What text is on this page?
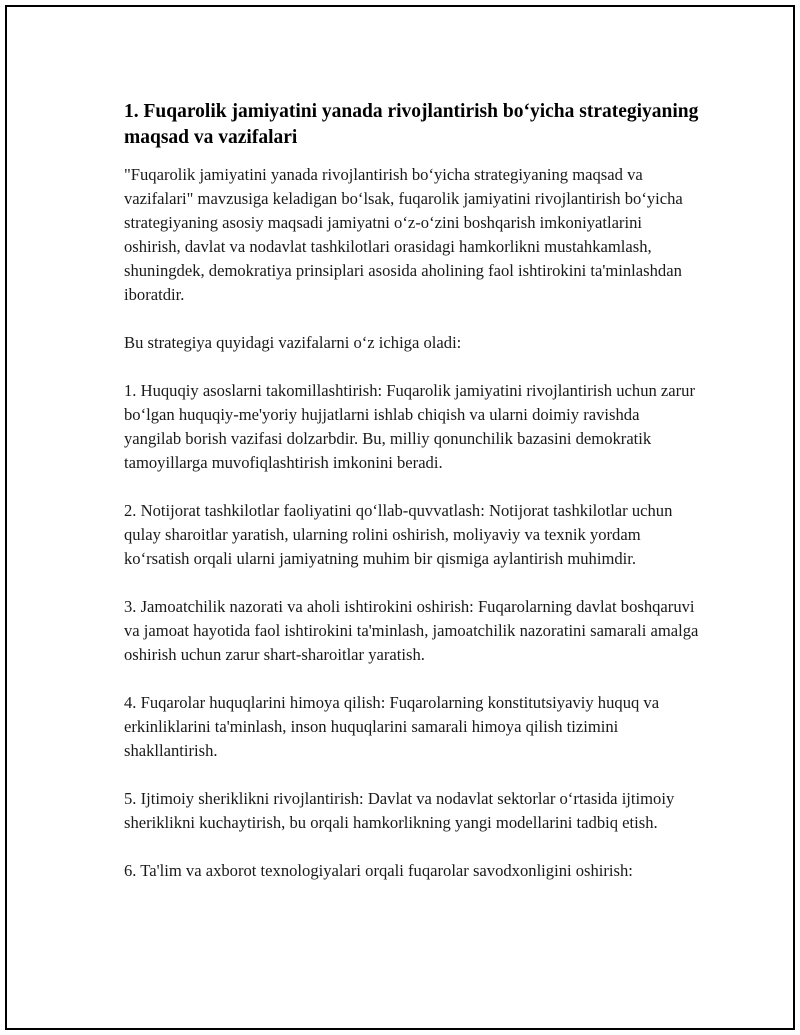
1. Fuqarolik jamiyatini yanada rivojlantirish bo‘yicha strategiyaning maqsad va vazifalari

"Fuqarolik jamiyatini yanada rivojlantirish bo‘yicha strategiyaning maqsad va vazifalari" mavzusiga keladigan bo‘lsak, fuqarolik jamiyatini rivojlantirish bo‘yicha strategiyaning asosiy maqsadi jamiyatni o‘z-o‘zini boshqarish imkoniyatlarini oshirish, davlat va nodavlat tashkilotlari orasidagi hamkorlikni mustahkamlash, shuningdek, demokratiya prinsiplari asosida aholining faol ishtirokini ta'minlashdan iboratdir.

Bu strategiya quyidagi vazifalarni o‘z ichiga oladi:

1. Huquqiy asoslarni takomillashtirish: Fuqarolik jamiyatini rivojlantirish uchun zarur bo‘lgan huquqiy-me'yoriy hujjatlarni ishlab chiqish va ularni doimiy ravishda yangilab borish vazifasi dolzarbdir. Bu, milliy qonunchilik bazasini demokratik tamoyillarga muvofiqlashtirish imkonini beradi.

2. Notijorat tashkilotlar faoliyatini qo‘llab-quvvatlash: Notijorat tashkilotlar uchun qulay sharoitlar yaratish, ularning rolini oshirish, moliyaviy va texnik yordam ko‘rsatish orqali ularni jamiyatning muhim bir qismiga aylantirish muhimdir.

3. Jamoatchilik nazorati va aholi ishtirokini oshirish: Fuqarolarning davlat boshqaruvi va jamoat hayotida faol ishtirokini ta'minlash, jamoatchilik nazoratini samarali amalga oshirish uchun zarur shart-sharoitlar yaratish.

4. Fuqarolar huquqlarini himoya qilish: Fuqarolarning konstitutsiyaviy huquq va erkinliklarini ta'minlash, inson huquqlarini samarali himoya qilish tizimini shakllantirish.

5. Ijtimoiy sheriklikni rivojlantirish: Davlat va nodavlat sektorlar o‘rtasida ijtimoiy sheriklikni kuchaytirish, bu orqali hamkorlikning yangi modellarini tadbiq etish.

6. Ta'lim va axborot texnologiyalari orqali fuqarolar savodxonligini oshirish:
